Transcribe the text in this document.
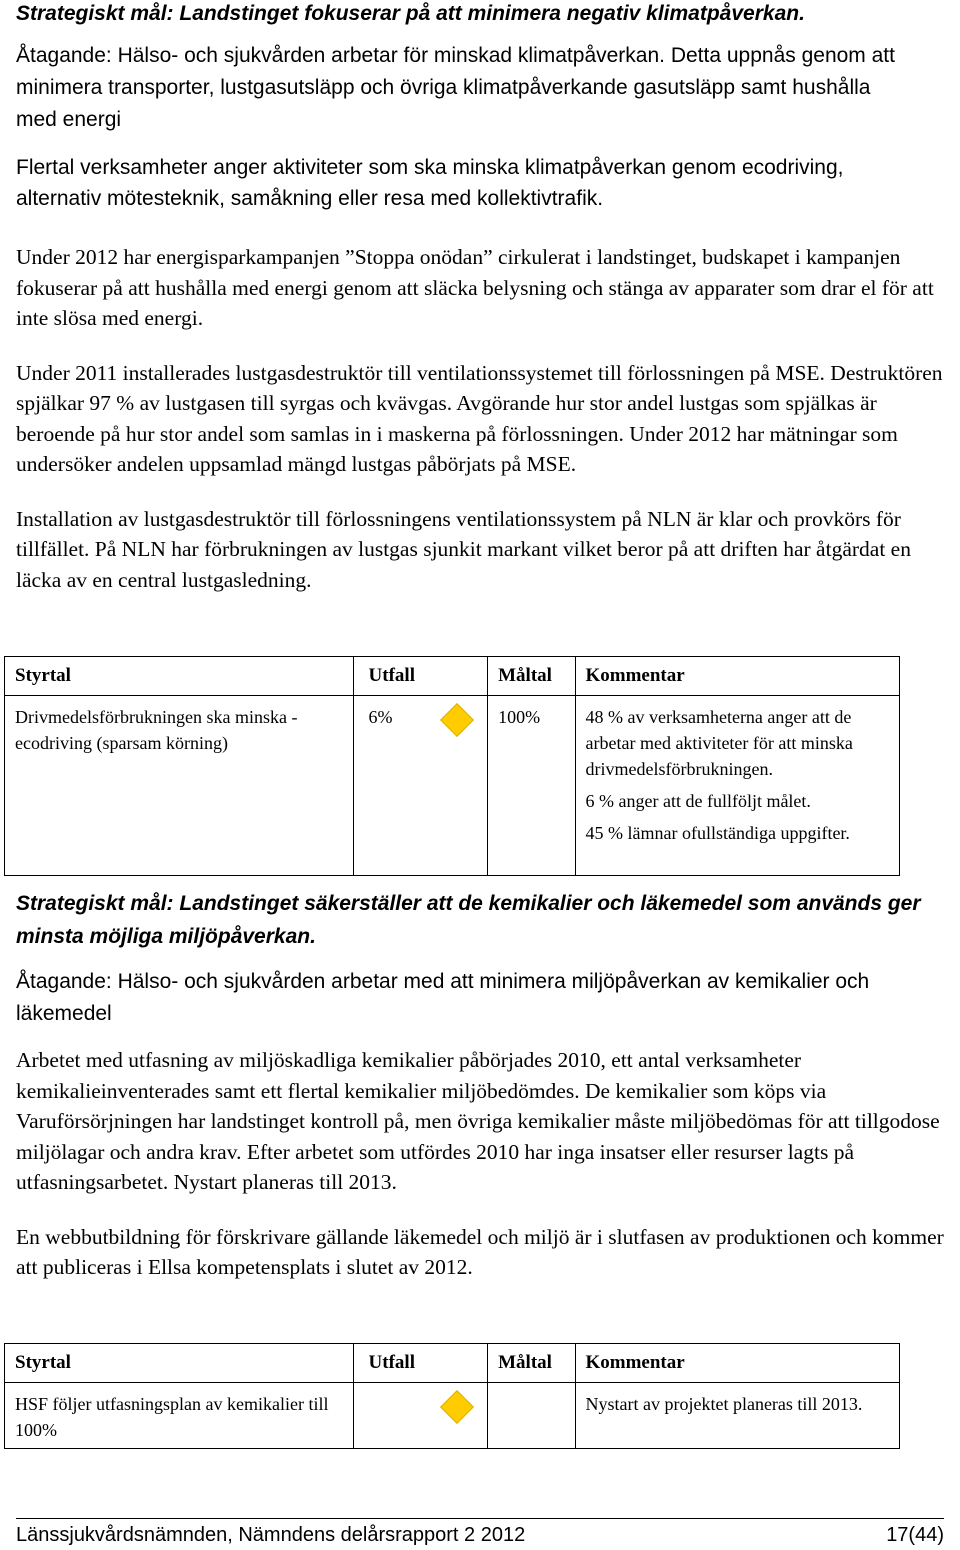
Strategiskt mål: Landstinget fokuserar på att minimera negativ klimatpåverkan.
Åtagande: Hälso- och sjukvården arbetar för minskad klimatpåverkan. Detta uppnås genom att minimera transporter, lustgasutsläpp och övriga klimatpåverkande gasutsläpp samt hushålla med energi
Flertal verksamheter anger aktiviteter som ska minska klimatpåverkan genom ecodriving, alternativ mötesteknik, samåkning eller resa med kollektivtrafik.

Under 2012 har energisparkampanjen ”Stoppa onödan” cirkulerat i landstinget, budskapet i kampanjen fokuserar på att hushålla med energi genom att släcka belysning och stänga av apparater som drar el för att inte slösa med energi.

Under 2011 installerades lustgasdestruktör till ventilationssystemet till förlossningen på MSE. Destruktören spjälkar 97 % av lustgasen till syrgas och kvävgas. Avgörande hur stor andel lustgas som spjälkas är beroende på hur stor andel som samlas in i maskerna på förlossningen. Under 2012 har mätningar som undersöker andelen uppsamlad mängd lustgas påbörjats på MSE.

Installation av lustgasdestruktör till förlossningens ventilationssystem på NLN är klar och provkörs för tillfället. På NLN har förbrukningen av lustgas sjunkit markant vilket beror på att driften har åtgärdat en läcka av en central lustgasledning.

Styrtal	Utfall		Måltal	Kommentar
Drivmedelsförbrukningen ska minska - ecodriving (sparsam körning)	6%		100%	48 % av verksamheterna anger att de arbetar med aktiviteter för att minska drivmedelsförbrukningen.

6 % anger att de fullföljt målet.

45 % lämnar ofullständiga uppgifter.

Strategiskt mål: Landstinget säkerställer att de kemikalier och läkemedel som används ger minsta möjliga miljöpåverkan.
Åtagande: Hälso- och sjukvården arbetar med att minimera miljöpåverkan av kemikalier och läkemedel

Arbetet med utfasning av miljöskadliga kemikalier påbörjades 2010, ett antal verksamheter kemikalieinventerades samt ett flertal kemikalier miljöbedömdes. De kemikalier som köps via Varuförsörjningen har landstinget kontroll på, men övriga kemikalier måste miljöbedömas för att tillgodose miljölagar och andra krav. Efter arbetet som utfördes 2010 har inga insatser eller resurser lagts på utfasningsarbetet. Nystart planeras till 2013.

En webbutbildning för förskrivare gällande läkemedel och miljö är i slutfasen av produktionen och kommer att publiceras i Ellsa kompetensplats i slutet av 2012.

Styrtal	Utfall		Måltal	Kommentar
HSF följer utfasningsplan av kemikalier till 100%				Nystart av projektet planeras till 2013.
Länssjukvårdsnämnden, Nämndens delårsrapport 2 2012	17(44)
